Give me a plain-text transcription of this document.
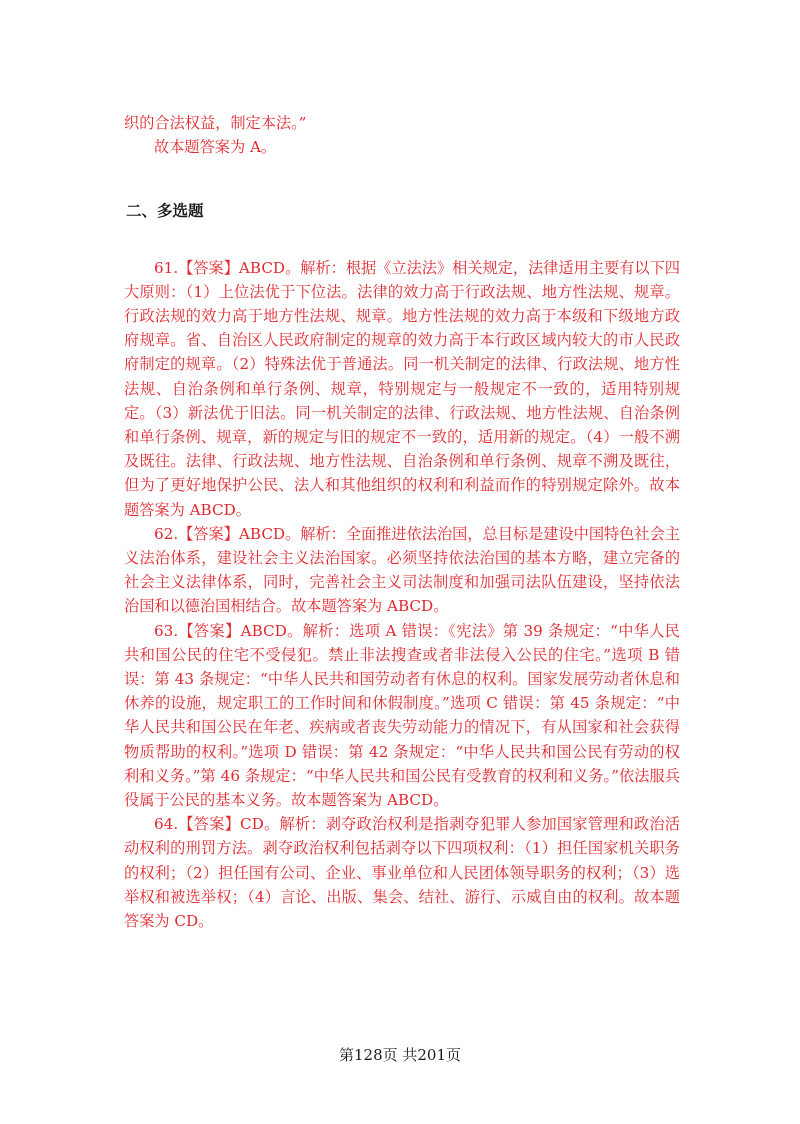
织的合法权益，制定本法。”

故本题答案为 A。

二、多选题

61.【答案】ABCD。解析：根据《立法法》相关规定，法律适用主要有以下四大原则：（1）上位法优于下位法。法律的效力高于行政法规、地方性法规、规章。行政法规的效力高于地方性法规、规章。地方性法规的效力高于本级和下级地方政府规章。省、自治区人民政府制定的规章的效力高于本行政区域内较大的市人民政府制定的规章。（2）特殊法优于普通法。同一机关制定的法律、行政法规、地方性法规、自治条例和单行条例、规章，特别规定与一般规定不一致的，适用特别规定。（3）新法优于旧法。同一机关制定的法律、行政法规、地方性法规、自治条例和单行条例、规章，新的规定与旧的规定不一致的，适用新的规定。（4）一般不溯及既往。法律、行政法规、地方性法规、自治条例和单行条例、规章不溯及既往，但为了更好地保护公民、法人和其他组织的权利和利益而作的特别规定除外。故本题答案为 ABCD。

62.【答案】ABCD。解析：全面推进依法治国，总目标是建设中国特色社会主义法治体系，建设社会主义法治国家。必须坚持依法治国的基本方略，建立完备的社会主义法律体系，同时，完善社会主义司法制度和加强司法队伍建设，坚持依法治国和以德治国相结合。故本题答案为 ABCD。

63.【答案】ABCD。解析：选项 A 错误：《宪法》第 39 条规定：“中华人民共和国公民的住宅不受侵犯。禁止非法搜查或者非法侵入公民的住宅。”选项 B 错误：第 43 条规定：“中华人民共和国劳动者有休息的权利。国家发展劳动者休息和休养的设施，规定职工的工作时间和休假制度。”选项 C 错误：第 45 条规定：“中华人民共和国公民在年老、疾病或者丧失劳动能力的情况下，有从国家和社会获得物质帮助的权利。”选项 D 错误：第 42 条规定：“中华人民共和国公民有劳动的权利和义务。”第 46 条规定：“中华人民共和国公民有受教育的权利和义务。”依法服兵役属于公民的基本义务。故本题答案为 ABCD。

64.【答案】CD。解析：剥夺政治权利是指剥夺犯罪人参加国家管理和政治活动权利的刑罚方法。剥夺政治权利包括剥夺以下四项权利：（1）担任国家机关职务的权利；（2）担任国有公司、企业、事业单位和人民团体领导职务的权利；（3）选举权和被选举权；（4）言论、出版、集会、结社、游行、示威自由的权利。故本题答案为 CD。

第128页 共201页
